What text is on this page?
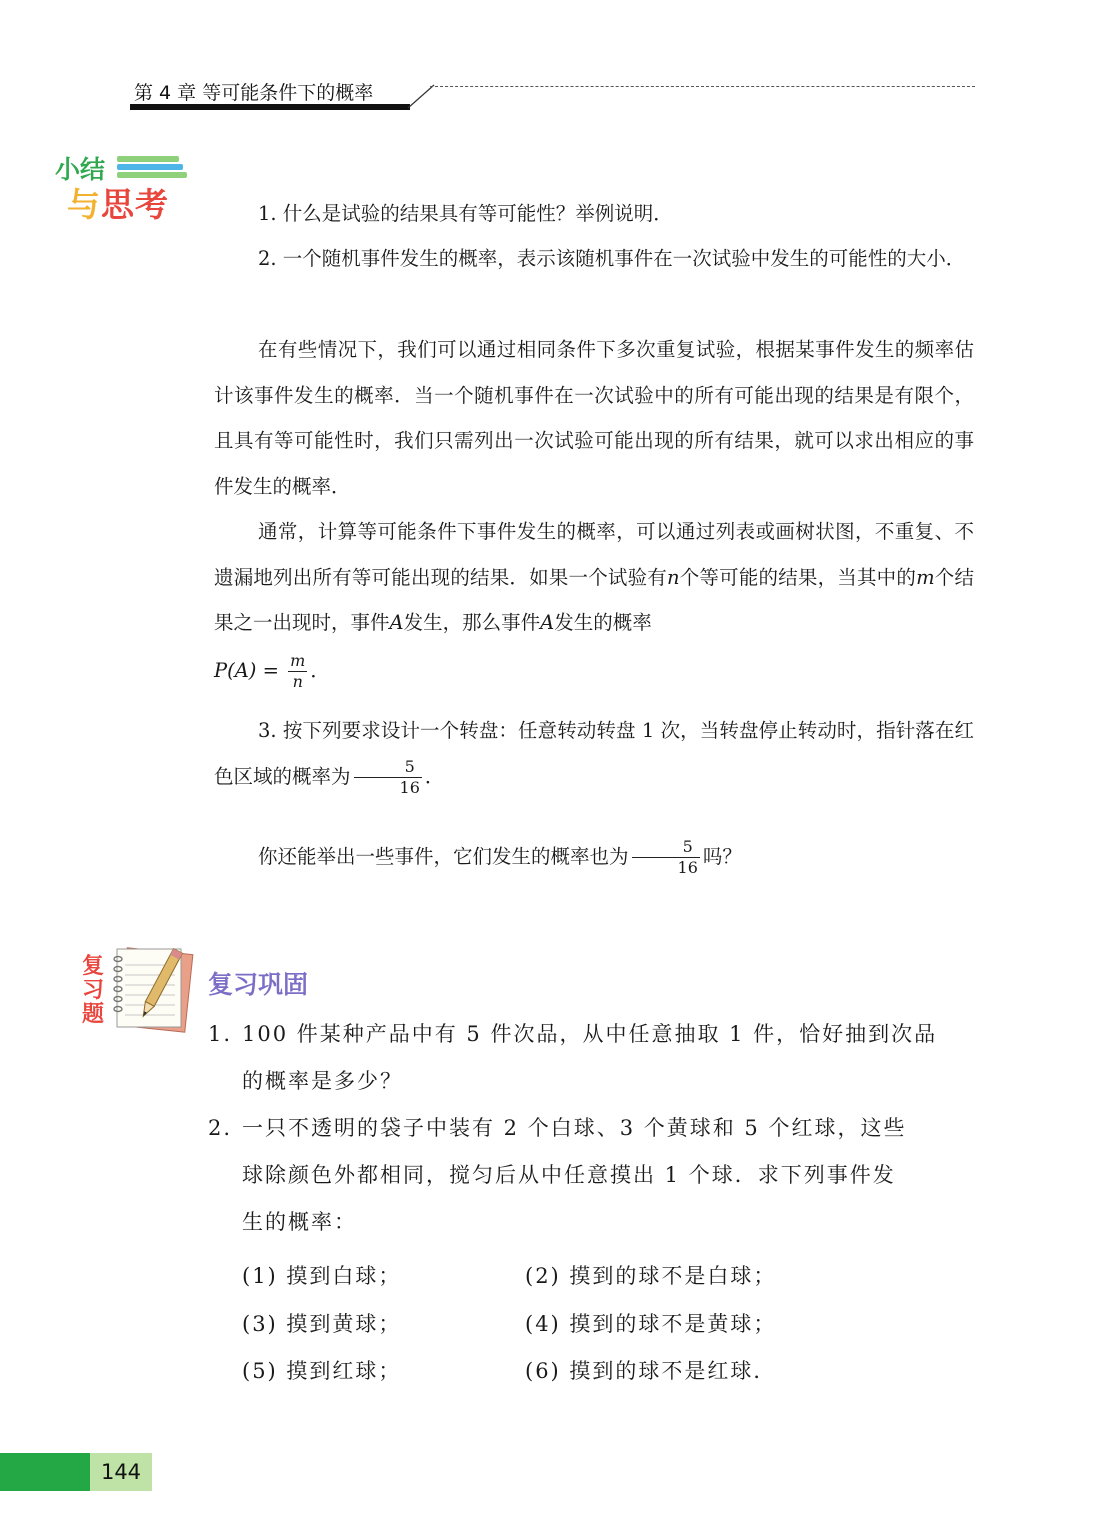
第 4 章 等可能条件下的概率
小结
与思考	1. 什么是试验的结果具有等可能性？举例说明．

2. 一个随机事件发生的概率，表示该随机事件在一次试验中发生的可能性的大小．

在有些情况下，我们可以通过相同条件下多次重复试验，根据某事件发生的频率估计该事件发生的概率．当一个随机事件在一次试验中的所有可能出现的结果是有限个，且具有等可能性时，我们只需列出一次试验可能出现的所有结果，就可以求出相应的事件发生的概率．

通常，计算等可能条件下事件发生的概率，可以通过列表或画树状图，不重复、不遗漏地列出所有等可能出现的结果．如果一个试验有n个等可能的结果，当其中的m个结果之一出现时，事件A发生，那么事件A发生的概率

$P(A) = \frac{m}{n}$ ．

3. 按下列要求设计一个转盘：任意转动转盘 1 次，当转盘停止转动时，指针落在红色区域的概率为 $\frac{5}{16}$ ．

你还能举出一些事件，它们发生的概率也为 $\frac{5}{16}$ 吗？

复
习
题
复习巩固
1. 100 件某种产品中有 5 件次品，从中任意抽取 1 件，恰好抽到次品
的概率是多少？
2. 一只不透明的袋子中装有 2 个白球、3 个黄球和 5 个红球，这些
球除颜色外都相同，搅匀后从中任意摸出 1 个球．求下列事件发
生的概率：
(1) 摸到白球；	(2) 摸到的球不是白球；
(3) 摸到黄球；	(4) 摸到的球不是黄球；
(5) 摸到红球；	(6) 摸到的球不是红球．
144
